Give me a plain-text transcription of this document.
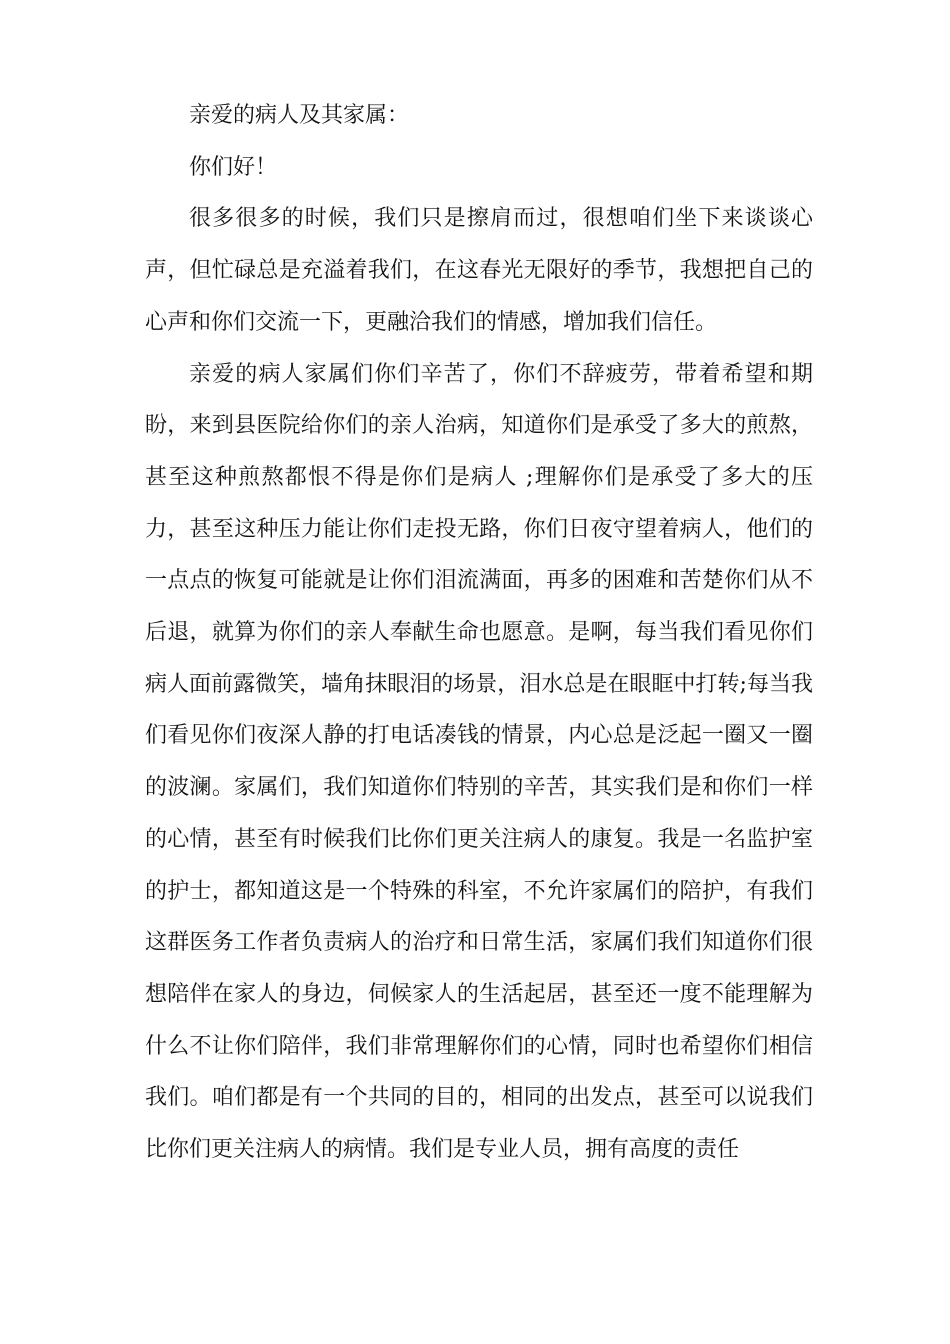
亲爱的病人及其家属：

你们好！

很多很多的时候，我们只是擦肩而过，很想咱们坐下来谈谈心声，但忙碌总是充溢着我们，在这春光无限好的季节，我想把自己的心声和你们交流一下，更融洽我们的情感，增加我们信任。

亲爱的病人家属们你们辛苦了，你们不辞疲劳，带着希望和期盼，来到县医院给你们的亲人治病，知道你们是承受了多大的煎熬，甚至这种煎熬都恨不得是你们是病人 ;理解你们是承受了多大的压力，甚至这种压力能让你们走投无路，你们日夜守望着病人，他们的一点点的恢复可能就是让你们泪流满面，再多的困难和苦楚你们从不后退，就算为你们的亲人奉献生命也愿意。是啊，每当我们看见你们病人面前露微笑，墙角抹眼泪的场景，泪水总是在眼眶中打转;每当我们看见你们夜深人静的打电话凑钱的情景，内心总是泛起一圈又一圈的波澜。家属们，我们知道你们特别的辛苦，其实我们是和你们一样的心情，甚至有时候我们比你们更关注病人的康复。我是一名监护室的护士，都知道这是一个特殊的科室，不允许家属们的陪护，有我们这群医务工作者负责病人的治疗和日常生活，家属们我们知道你们很想陪伴在家人的身边，伺候家人的生活起居，甚至还一度不能理解为什么不让你们陪伴，我们非常理解你们的心情，同时也希望你们相信我们。咱们都是有一个共同的目的，相同的出发点，甚至可以说我们比你们更关注病人的病情。我们是专业人员，拥有高度的责任
